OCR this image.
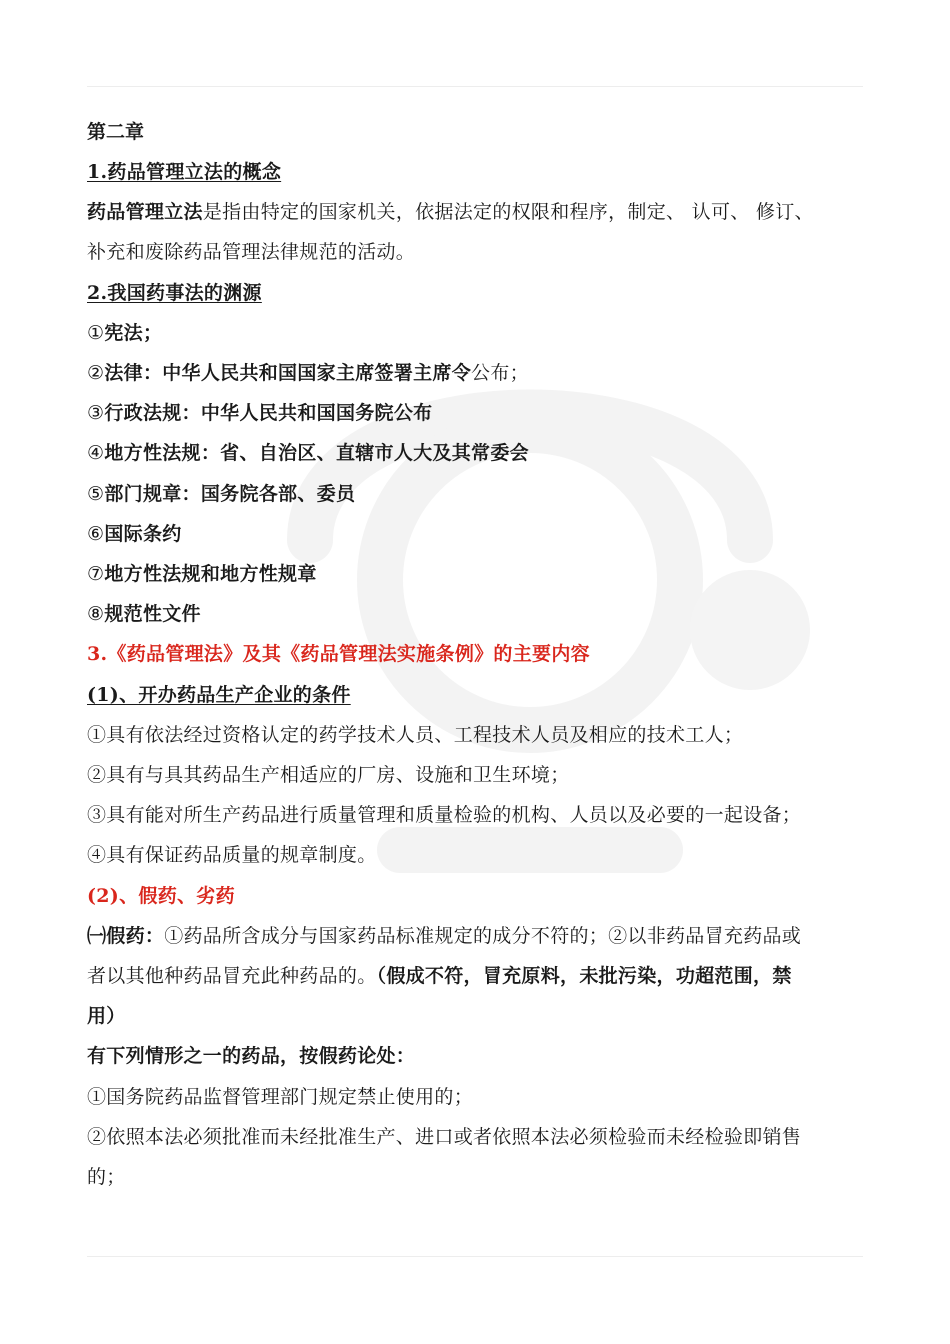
第二章
1.药品管理立法的概念
药品管理立法是指由特定的国家机关，依据法定的权限和程序，制定、 认可、 修订、
补充和废除药品管理法律规范的活动。
2.我国药事法的渊源
①宪法；
②法律：中华人民共和国国家主席签署主席令公布；
③行政法规：中华人民共和国国务院公布
④地方性法规：省、自治区、直辖市人大及其常委会
⑤部门规章：国务院各部、委员
⑥国际条约
⑦地方性法规和地方性规章
⑧规范性文件
3.《药品管理法》及其《药品管理法实施条例》的主要内容
(1)、开办药品生产企业的条件
①具有依法经过资格认定的药学技术人员、工程技术人员及相应的技术工人；
②具有与具其药品生产相适应的厂房、设施和卫生环境；
③具有能对所生产药品进行质量管理和质量检验的机构、人员以及必要的一起设备；
④具有保证药品质量的规章制度。
(2)、假药、劣药
㈠假药：①药品所含成分与国家药品标准规定的成分不符的；②以非药品冒充药品或
者以其他种药品冒充此种药品的。（假成不符，冒充原料，未批污染，功超范围，禁
用）
有下列情形之一的药品，按假药论处：
①国务院药品监督管理部门规定禁止使用的；
②依照本法必须批准而未经批准生产、进口或者依照本法必须检验而未经检验即销售
的；
